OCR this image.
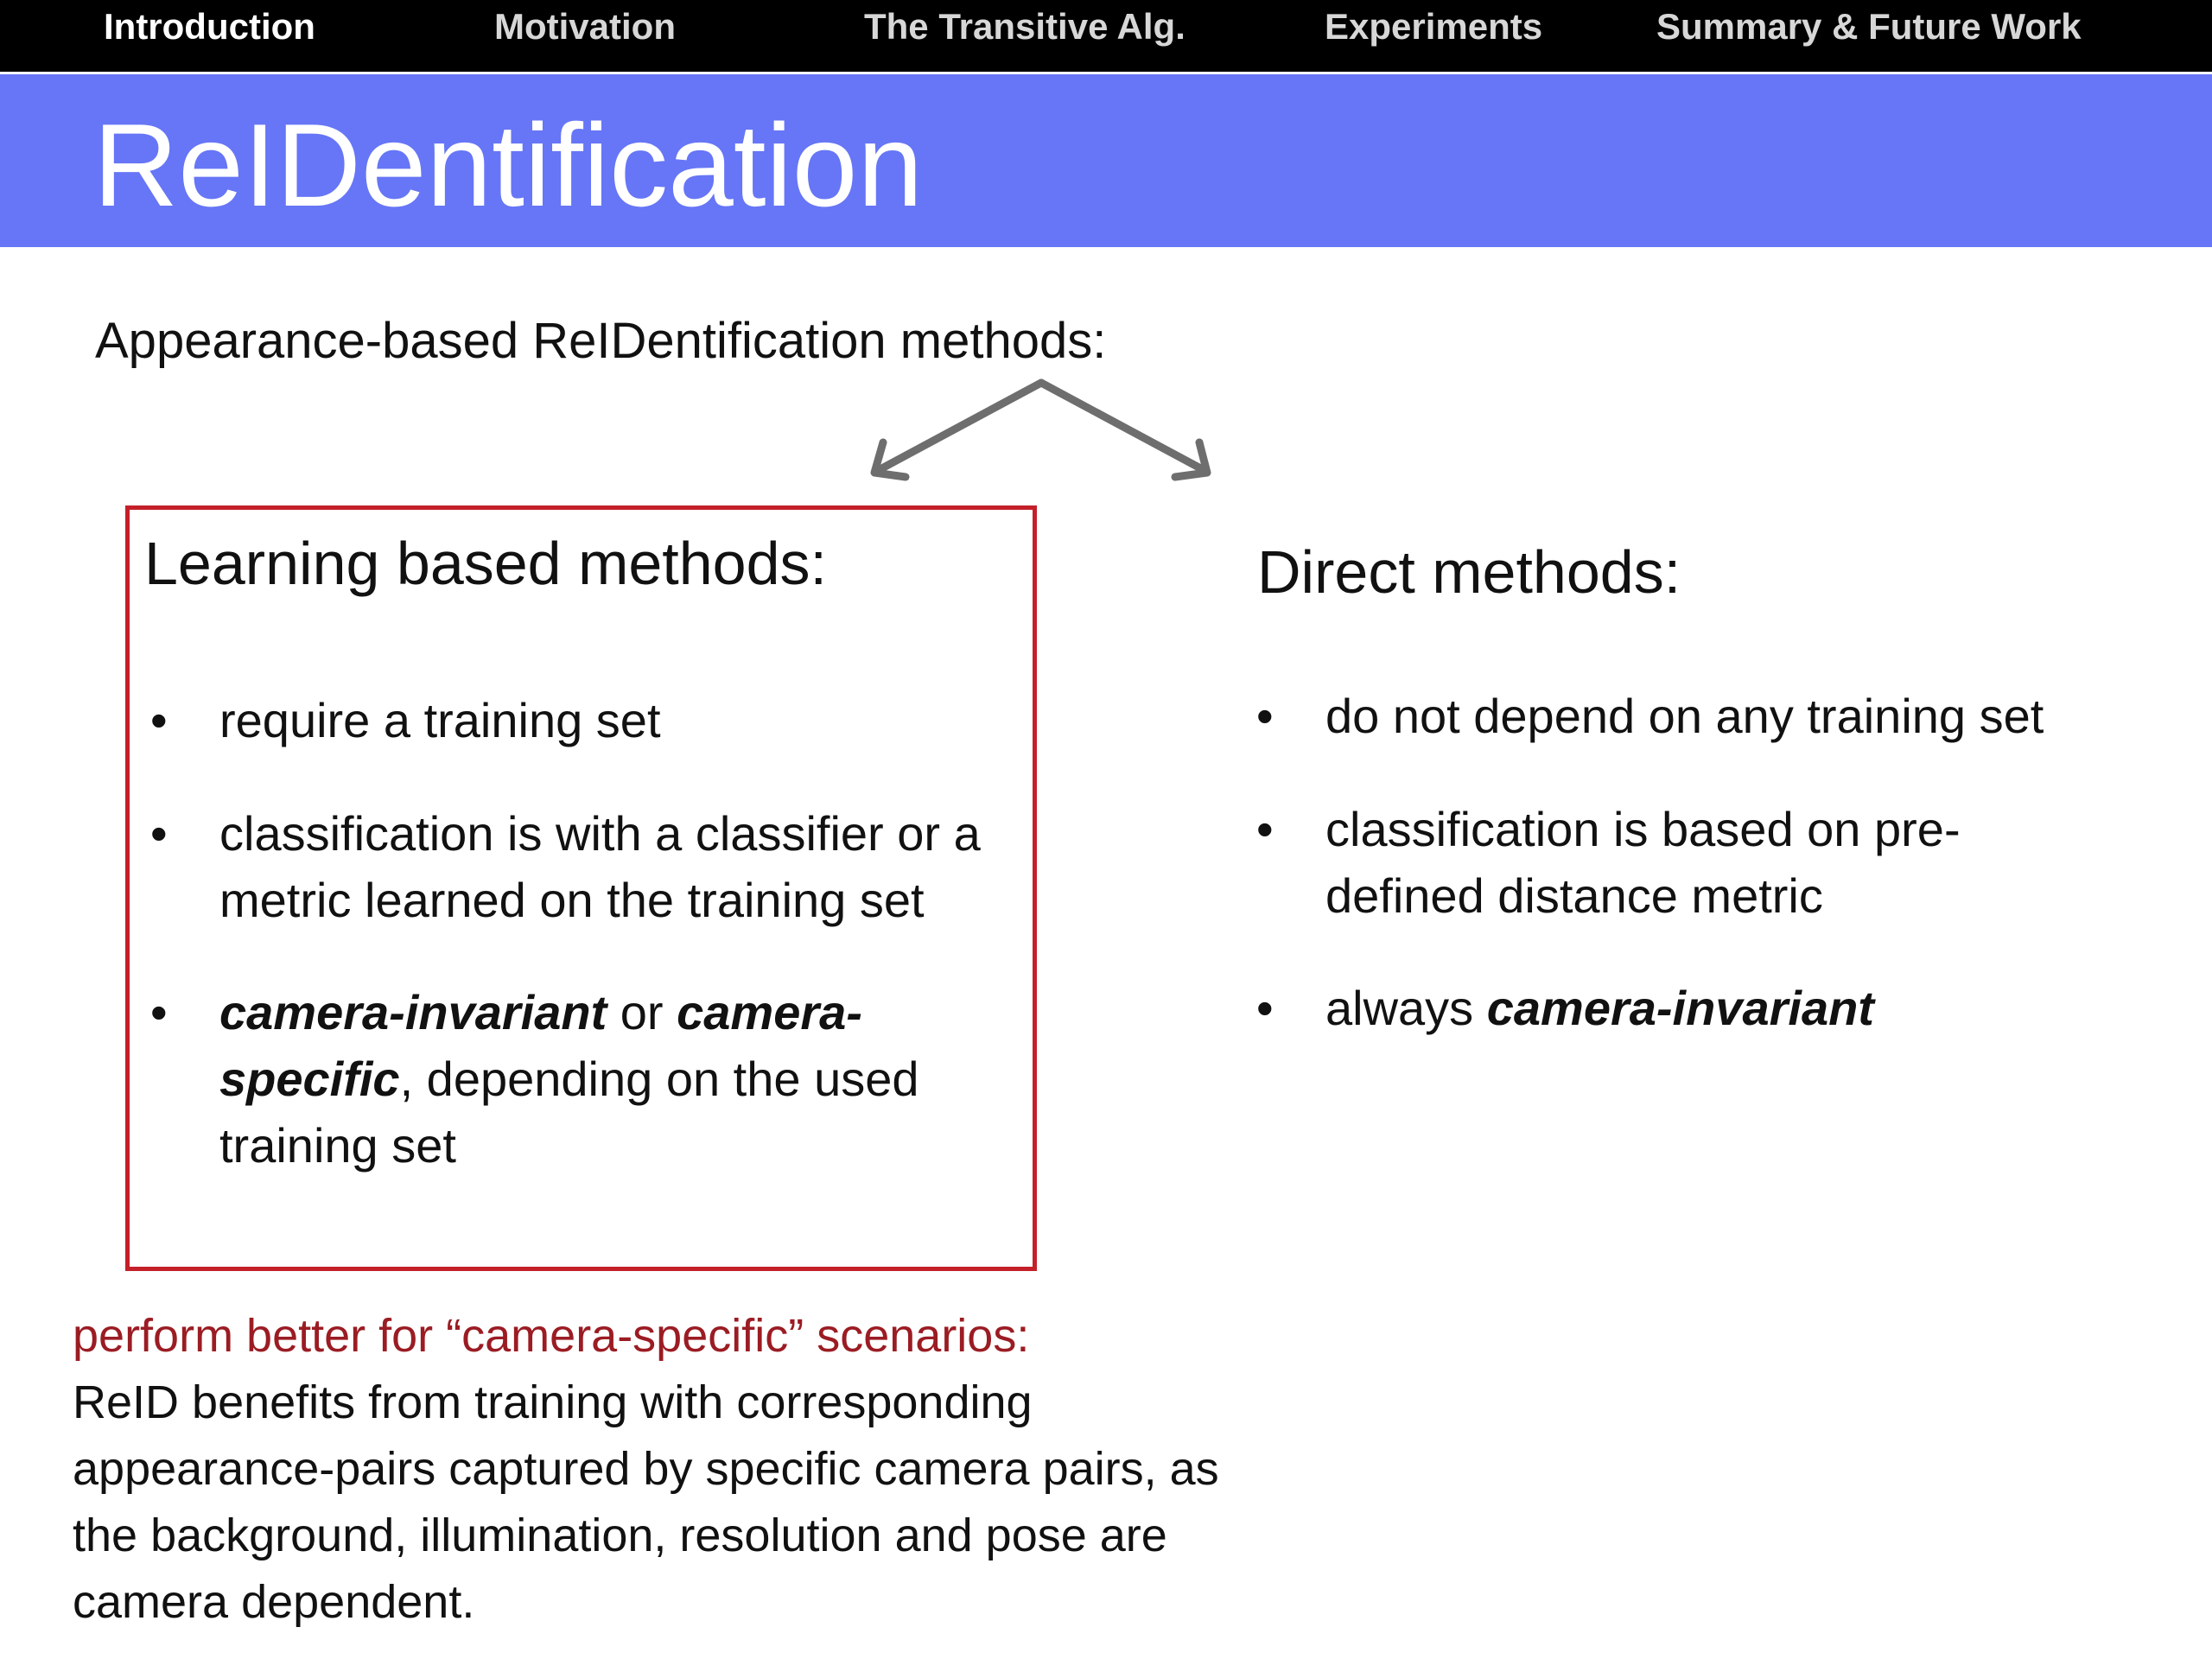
Introduction	Motivation	The Transitive Alg.	Experiments	Summary & Future Work
ReIDentification
Appearance-based ReIDentification methods:
Learning based methods:
• require a training set
• classification is with a classifier or a
metric learned on the training set
• camera-invariant or camera-
specific, depending on the used
training set
Direct methods:
• do not depend on any training set
• classification is based on pre-
defined distance metric
• always camera-invariant
perform better for “camera-specific” scenarios:
ReID benefits from training with corresponding appearance-pairs captured by specific camera pairs, as the background, illumination, resolution and pose are camera dependent.
